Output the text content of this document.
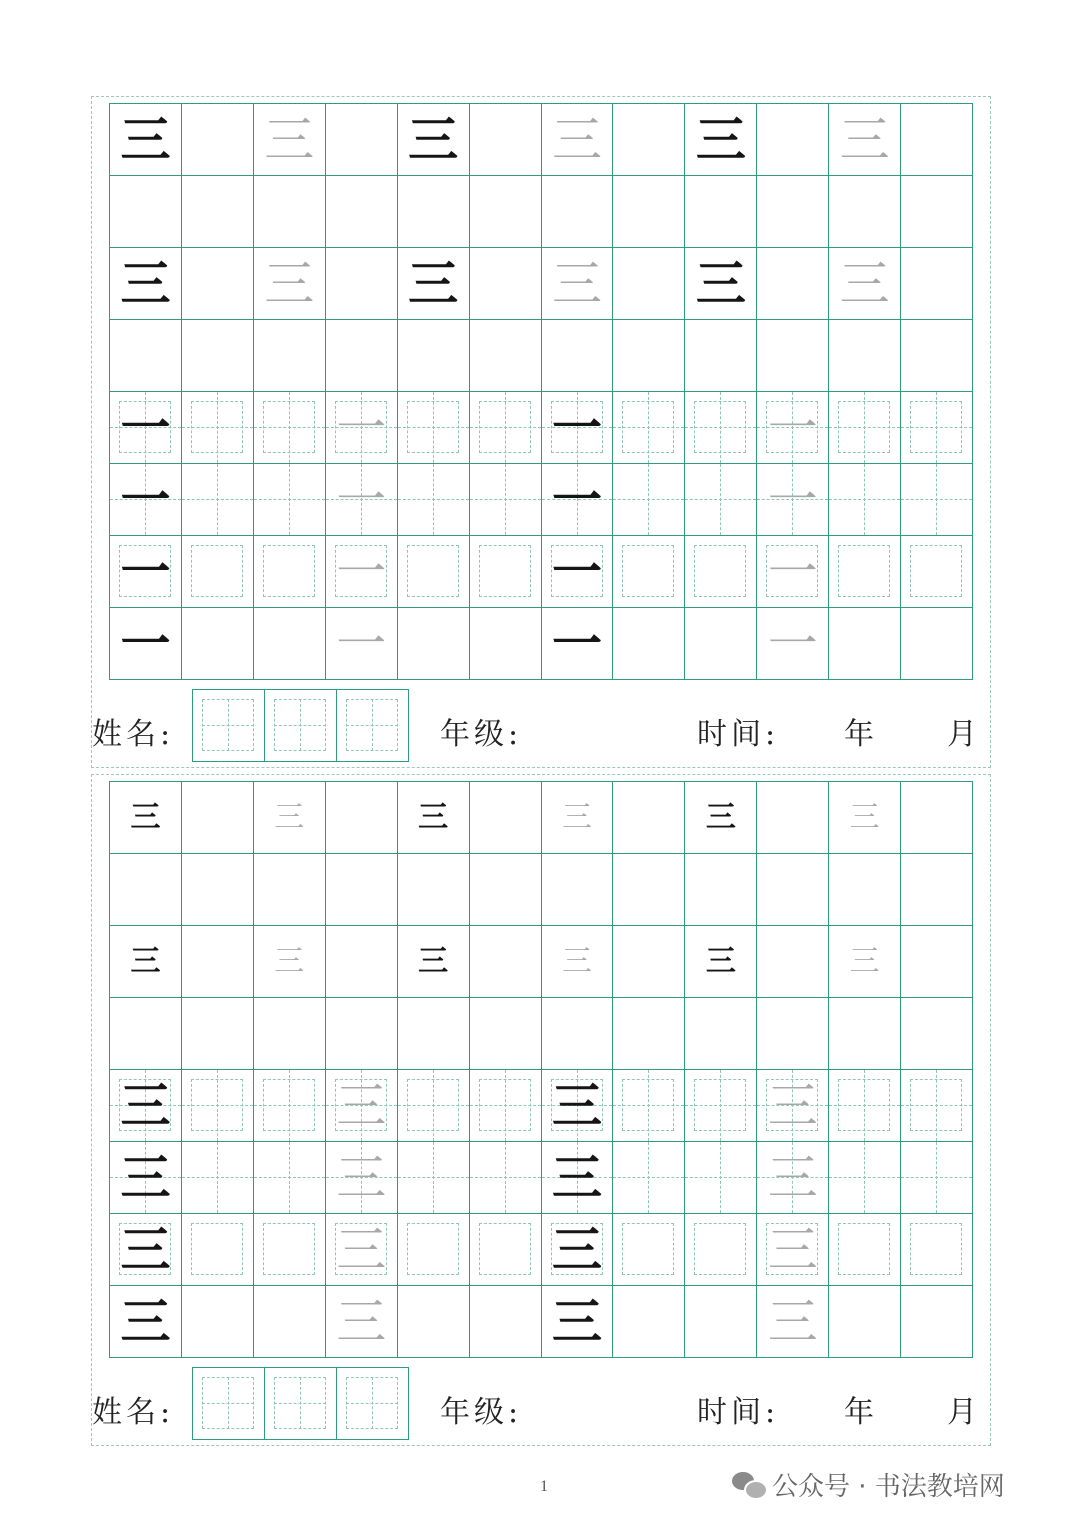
三 三 三 三 三 三
三 三 三 三 三 三
一	一	一	一
一	一	一	一
一	一	一	一
一	一	一	一
姓名:	年级:	时间: 年 月
三	三	三	三	三	三
三	三	三	三	三	三
三	三	三	三
三	三	三	三
三	三	三	三
三	三	三	三
姓名:	年级:	时间: 年 月
1	公众号 · 书法教培网
